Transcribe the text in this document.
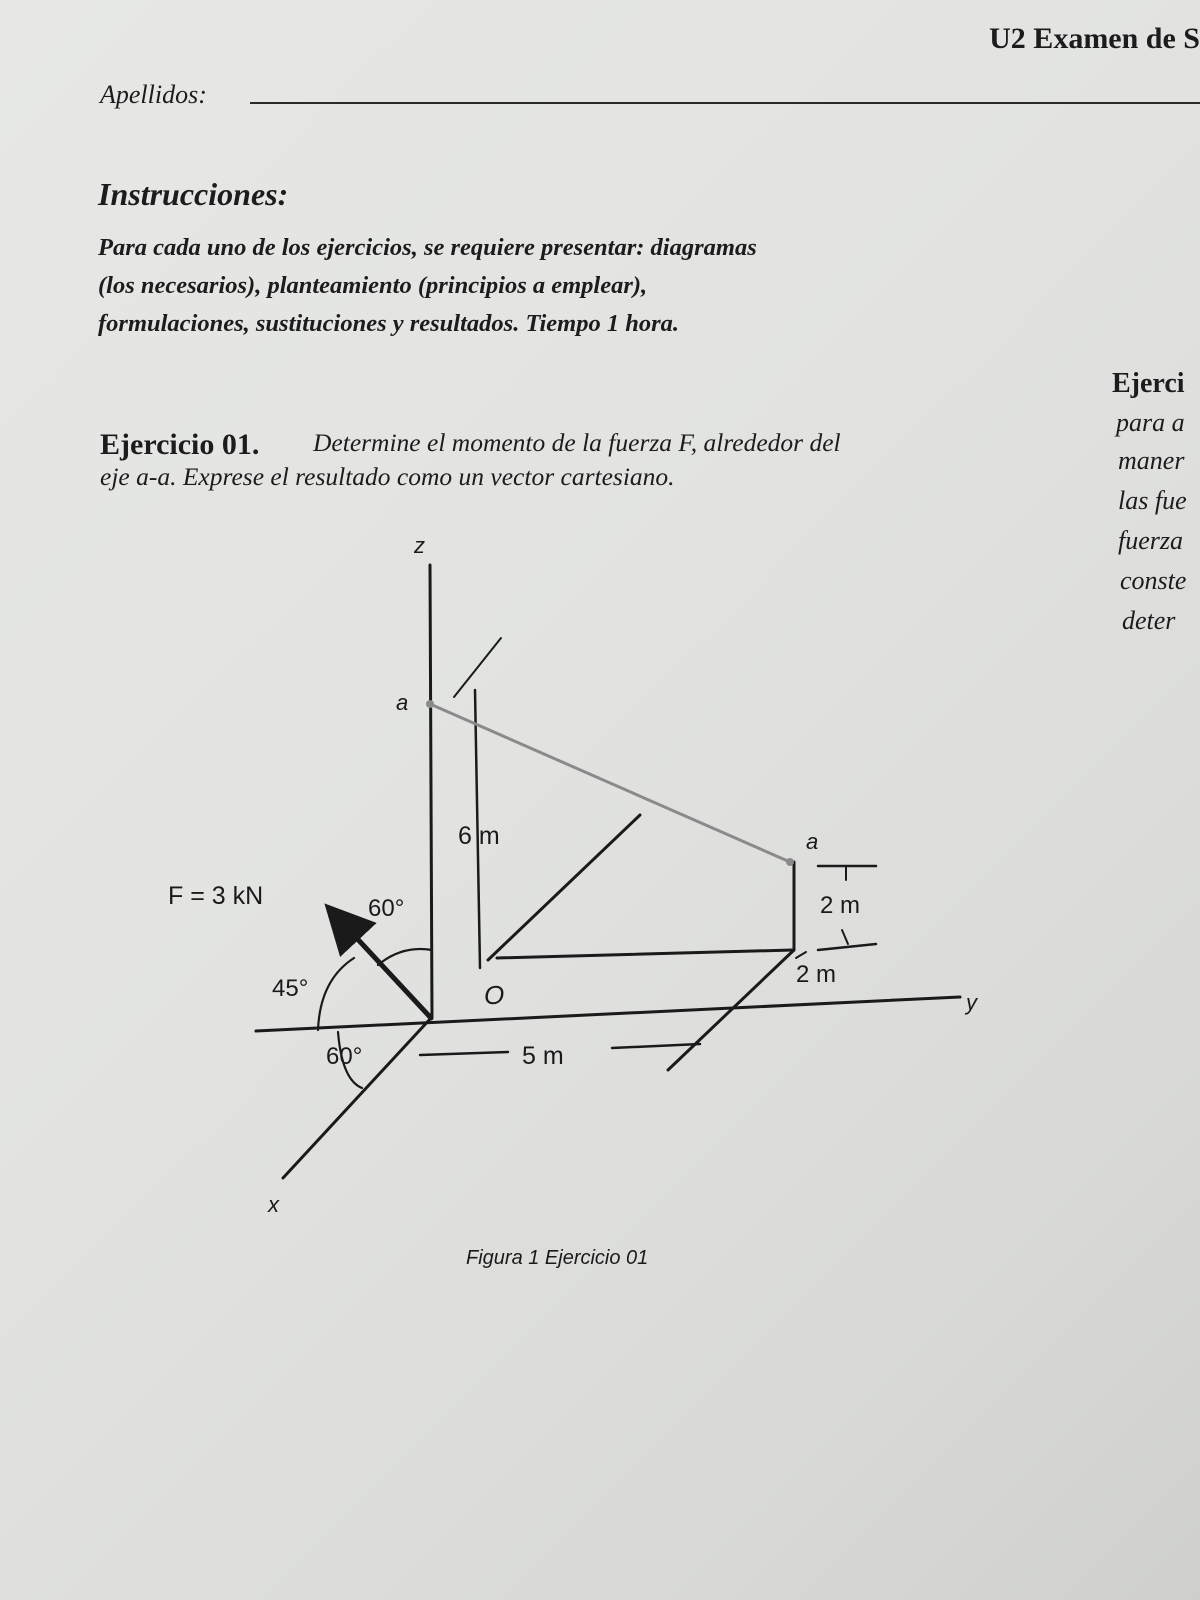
U2 Examen de S
Apellidos:
Instrucciones:
Para cada uno de los ejercicios, se requiere presentar: diagramas
(los necesarios), planteamiento (principios a emplear),
formulaciones, sustituciones y resultados. Tiempo 1 hora.
Ejercicio 01. Determine el momento de la fuerza F, alrededor del
eje a-a. Exprese el resultado como un vector cartesiano.
Ejerci
para a
maner
las fue
fuerza
conste
deter
z
y
x
a
a
O
6 m
5 m
2 m
2 m
F = 3 kN	60°
45°
60°
Figura 1 Ejercicio 01
